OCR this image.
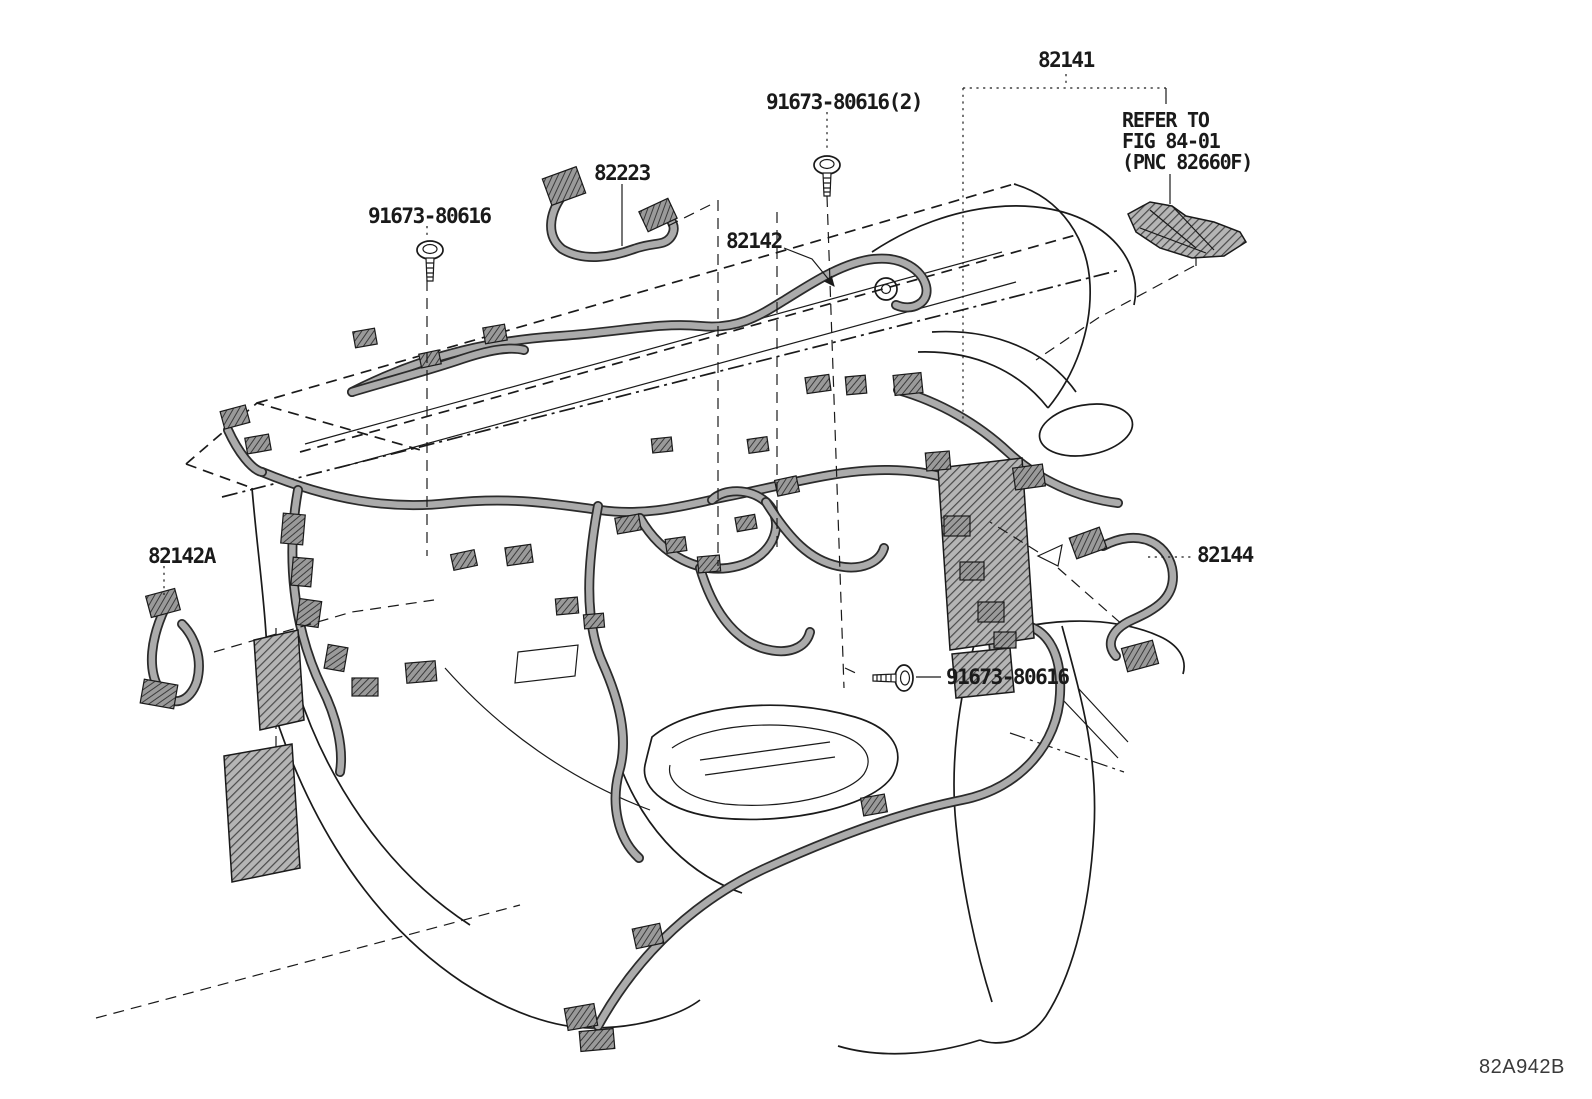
82141
91673-80616(2)
82223
91673-80616
82142
82142A	82144
91673-80616
REFER TO
FIG 84-01
(PNC 82660F)
82A942B
